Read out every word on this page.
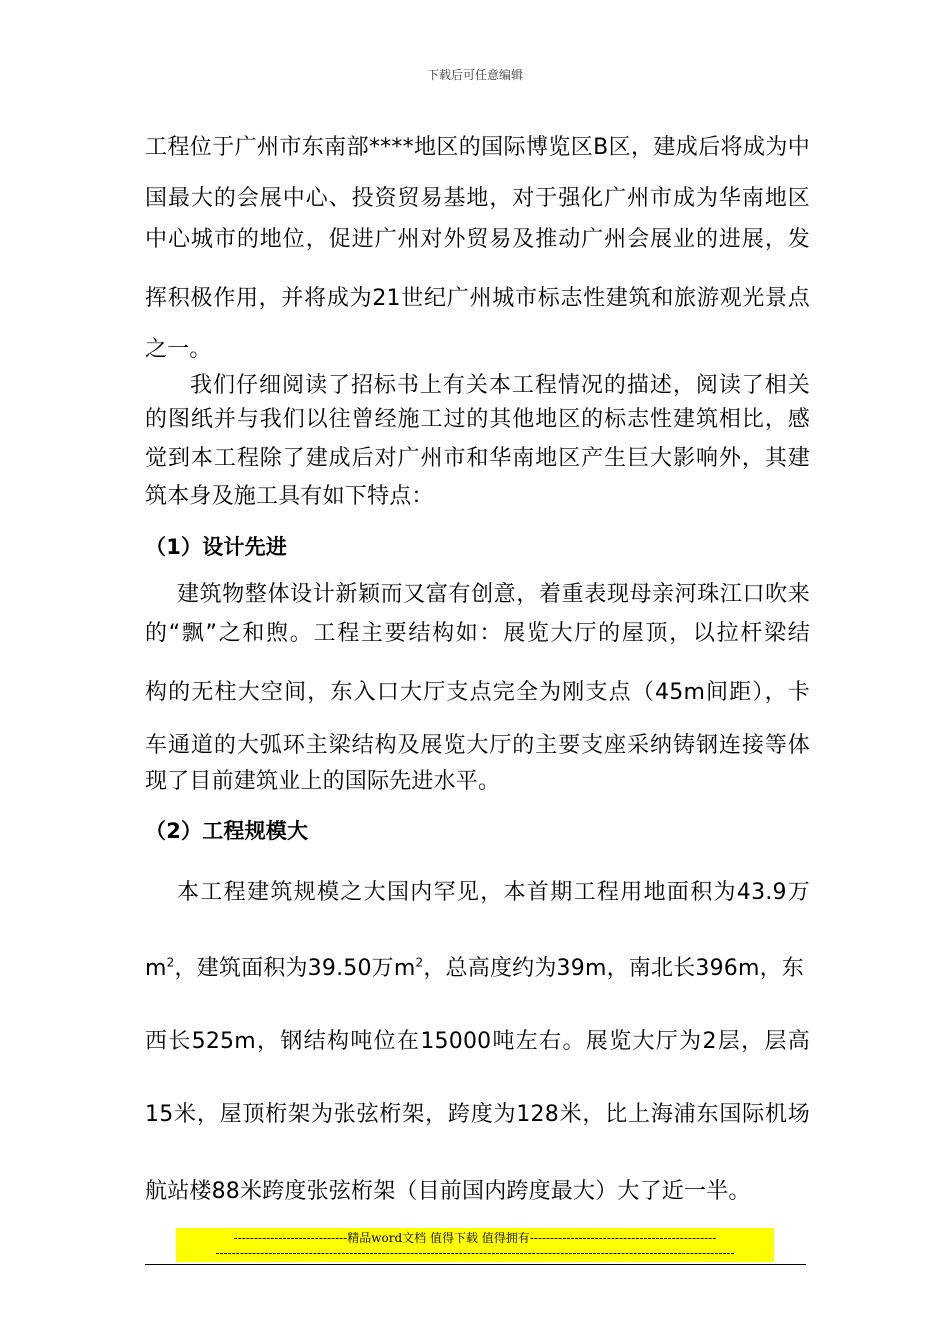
下载后可任意编辑
工程位于广州市东南部****地区的国际博览区B区，建成后将成为中
国最大的会展中心、投资贸易基地，对于强化广州市成为华南地区
中心城市的地位，促进广州对外贸易及推动广州会展业的进展，发
挥积极作用，并将成为21世纪广州城市标志性建筑和旅游观光景点
之一。
我们仔细阅读了招标书上有关本工程情况的描述，阅读了相关
的图纸并与我们以往曾经施工过的其他地区的标志性建筑相比，感
觉到本工程除了建成后对广州市和华南地区产生巨大影响外，其建
筑本身及施工具有如下特点：
（1）设计先进
建筑物整体设计新颖而又富有创意，着重表现母亲河珠江口吹来
的“飘”之和煦。工程主要结构如：展览大厅的屋顶，以拉杆梁结
构的无柱大空间，东入口大厅支点完全为刚支点（45m间距），卡
车通道的大弧环主梁结构及展览大厅的主要支座采纳铸钢连接等体
现了目前建筑业上的国际先进水平。
（2）工程规模大
本工程建筑规模之大国内罕见，本首期工程用地面积为43.9万
$m^2$，建筑面积为39.50万$m^2$，总高度约为39m，南北长396m，东
西长525m，钢结构吨位在15000吨左右。展览大厅为2层，层高
15米，屋顶桁架为张弦桁架，跨度为128米，比上海浦东国际机场
航站楼88米跨度张弦桁架（目前国内跨度最大）大了近一半。
----------------------------精品word文档 值得下载 值得拥有----------------------------------------------
--------------------------------------------------------------------------------------------------------------------------------
